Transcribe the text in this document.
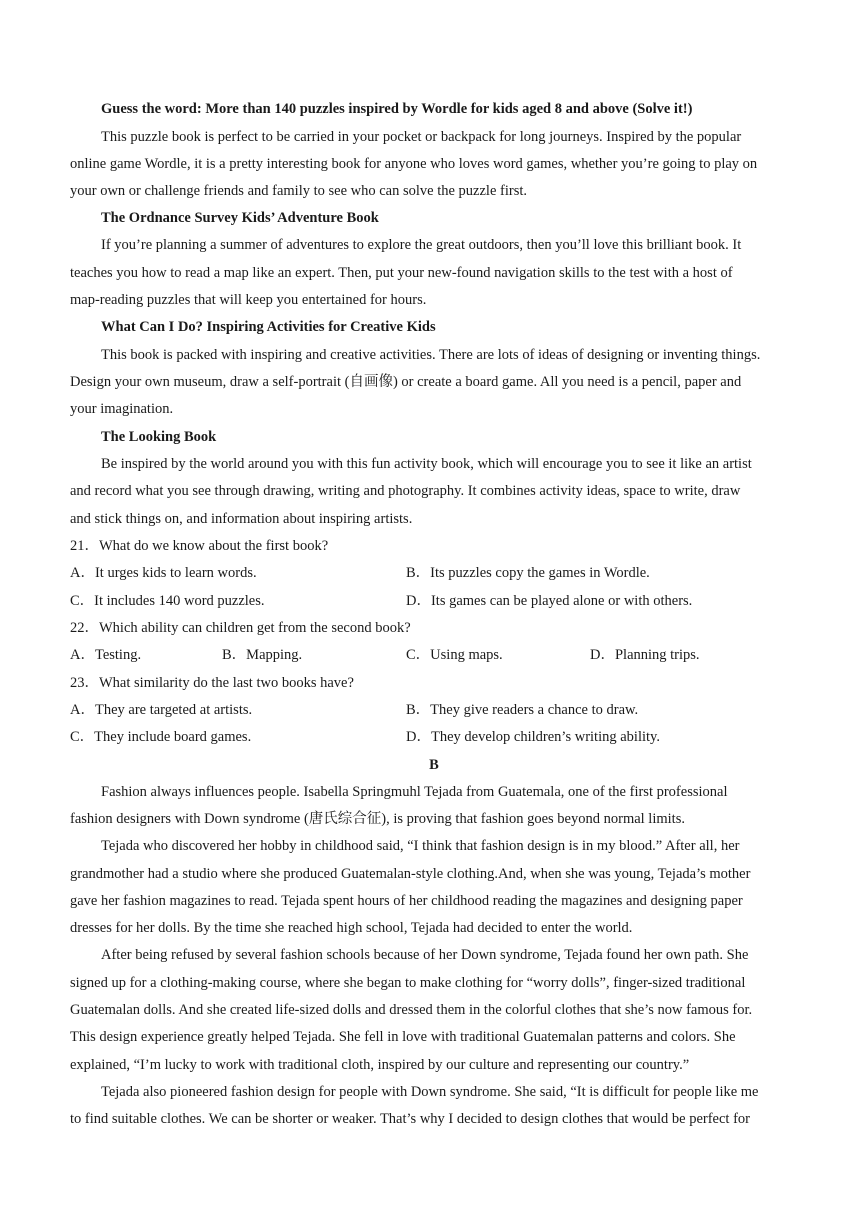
Guess the word: More than 140 puzzles inspired by Wordle for kids aged 8 and above (Solve it!)
This puzzle book is perfect to be carried in your pocket or backpack for long journeys. Inspired by the popular
online game Wordle, it is a pretty interesting book for anyone who loves word games, whether you’re going to play on
your own or challenge friends and family to see who can solve the puzzle first.
The Ordnance Survey Kids’ Adventure Book
If you’re planning a summer of adventures to explore the great outdoors, then you’ll love this brilliant book. It
teaches you how to read a map like an expert. Then, put your new-found navigation skills to the test with a host of
map-reading puzzles that will keep you entertained for hours.
What Can I Do? Inspiring Activities for Creative Kids
This book is packed with inspiring and creative activities. There are lots of ideas of designing or inventing things.
Design your own museum, draw a self-portrait (自画像) or create a board game. All you need is a pencil, paper and
your imagination.
The Looking Book
Be inspired by the world around you with this fun activity book, which will encourage you to see it like an artist
and record what you see through drawing, writing and photography. It combines activity ideas, space to write, draw
and stick things on, and information about inspiring artists.
21．What do we know about the first book?
A．It urges kids to learn words.	B．Its puzzles copy the games in Wordle.
C．It includes 140 word puzzles.	D．Its games can be played alone or with others.
22．Which ability can children get from the second book?
A．Testing.	B．Mapping.	C．Using maps.	D．Planning trips.
23．What similarity do the last two books have?
A．They are targeted at artists.	B．They give readers a chance to draw.
C．They include board games.	D．They develop children’s writing ability.
B
Fashion always influences people. Isabella Springmuhl Tejada from Guatemala, one of the first professional
fashion designers with Down syndrome (唐氏综合征), is proving that fashion goes beyond normal limits.
Tejada who discovered her hobby in childhood said, “I think that fashion design is in my blood.” After all, her
grandmother had a studio where she produced Guatemalan-style clothing.And, when she was young, Tejada’s mother
gave her fashion magazines to read. Tejada spent hours of her childhood reading the magazines and designing paper
dresses for her dolls. By the time she reached high school, Tejada had decided to enter the world.
After being refused by several fashion schools because of her Down syndrome, Tejada found her own path. She
signed up for a clothing-making course, where she began to make clothing for “worry dolls”, finger-sized traditional
Guatemalan dolls. And she created life-sized dolls and dressed them in the colorful clothes that she’s now famous for.
This design experience greatly helped Tejada. She fell in love with traditional Guatemalan patterns and colors. She
explained, “I’m lucky to work with traditional cloth, inspired by our culture and representing our country.”
Tejada also pioneered fashion design for people with Down syndrome. She said, “It is difficult for people like me
to find suitable clothes. We can be shorter or weaker. That’s why I decided to design clothes that would be perfect for
